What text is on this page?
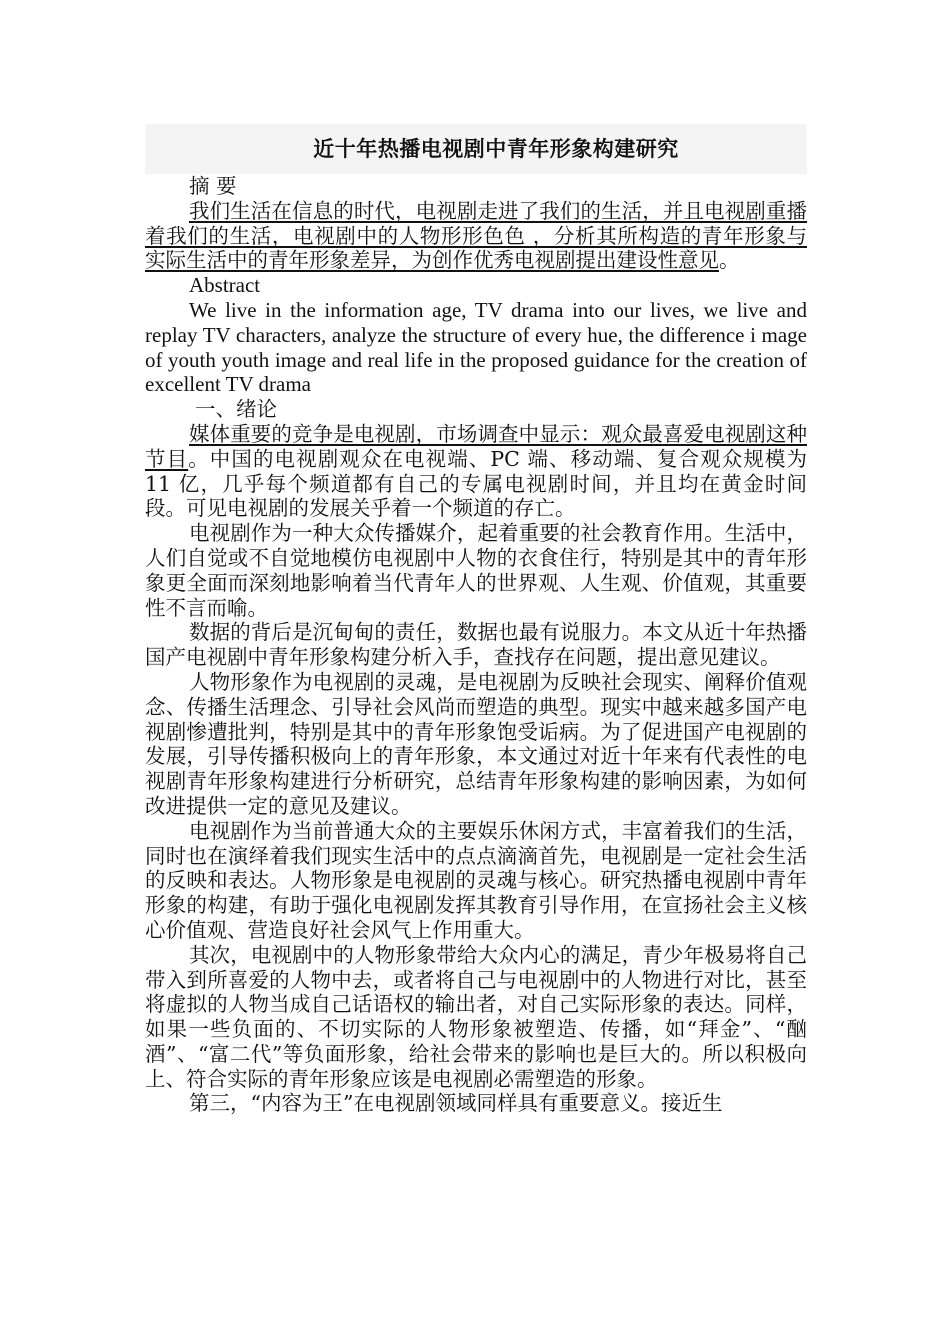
近十年热播电视剧中青年形象构建研究
摘 要

我们生活在信息的时代，电视剧走进了我们的生活，并且电视剧重播着我们的生活，电视剧中的人物形形色色 ，分析其所构造的青年形象与实际生活中的青年形象差异，为创作优秀电视剧提出建设性意见。

Abstract

We live in the information age, TV drama into our lives, we live and replay TV characters, analyze the structure of every hue, the difference i mage of youth youth image and real life in the proposed guidance for the creation of excellent TV drama

一、绪论

媒体重要的竞争是电视剧，市场调查中显示：观众最喜爱电视剧这种节目。中国的电视剧观众在电视端、PC 端、移动端、复合观众规模为 11 亿，几乎每个频道都有自己的专属电视剧时间，并且均在黄金时间段。可见电视剧的发展关乎着一个频道的存亡。

电视剧作为一种大众传播媒介，起着重要的社会教育作用。生活中，人们自觉或不自觉地模仿电视剧中人物的衣食住行，特别是其中的青年形象更全面而深刻地影响着当代青年人的世界观、人生观、价值观，其重要性不言而喻。

数据的背后是沉甸甸的责任，数据也最有说服力。本文从近十年热播国产电视剧中青年形象构建分析入手，查找存在问题，提出意见建议。

人物形象作为电视剧的灵魂，是电视剧为反映社会现实、阐释价值观念、传播生活理念、引导社会风尚而塑造的典型。现实中越来越多国产电视剧惨遭批判，特别是其中的青年形象饱受诟病。为了促进国产电视剧的发展，引导传播积极向上的青年形象，本文通过对近十年来有代表性的电视剧青年形象构建进行分析研究，总结青年形象构建的影响因素，为如何改进提供一定的意见及建议。

电视剧作为当前普通大众的主要娱乐休闲方式，丰富着我们的生活，同时也在演绎着我们现实生活中的点点滴滴首先，电视剧是一定社会生活的反映和表达。人物形象是电视剧的灵魂与核心。研究热播电视剧中青年形象的构建，有助于强化电视剧发挥其教育引导作用，在宣扬社会主义核心价值观、营造良好社会风气上作用重大。

其次，电视剧中的人物形象带给大众内心的满足，青少年极易将自己带入到所喜爱的人物中去，或者将自己与电视剧中的人物进行对比，甚至将虚拟的人物当成自己话语权的输出者，对自己实际形象的表达。同样，如果一些负面的、不切实际的人物形象被塑造、传播，如“拜金”、“酗酒”、“富二代”等负面形象，给社会带来的影响也是巨大的。所以积极向上、符合实际的青年形象应该是电视剧必需塑造的形象。

第三，“内容为王”在电视剧领域同样具有重要意义。接近生
